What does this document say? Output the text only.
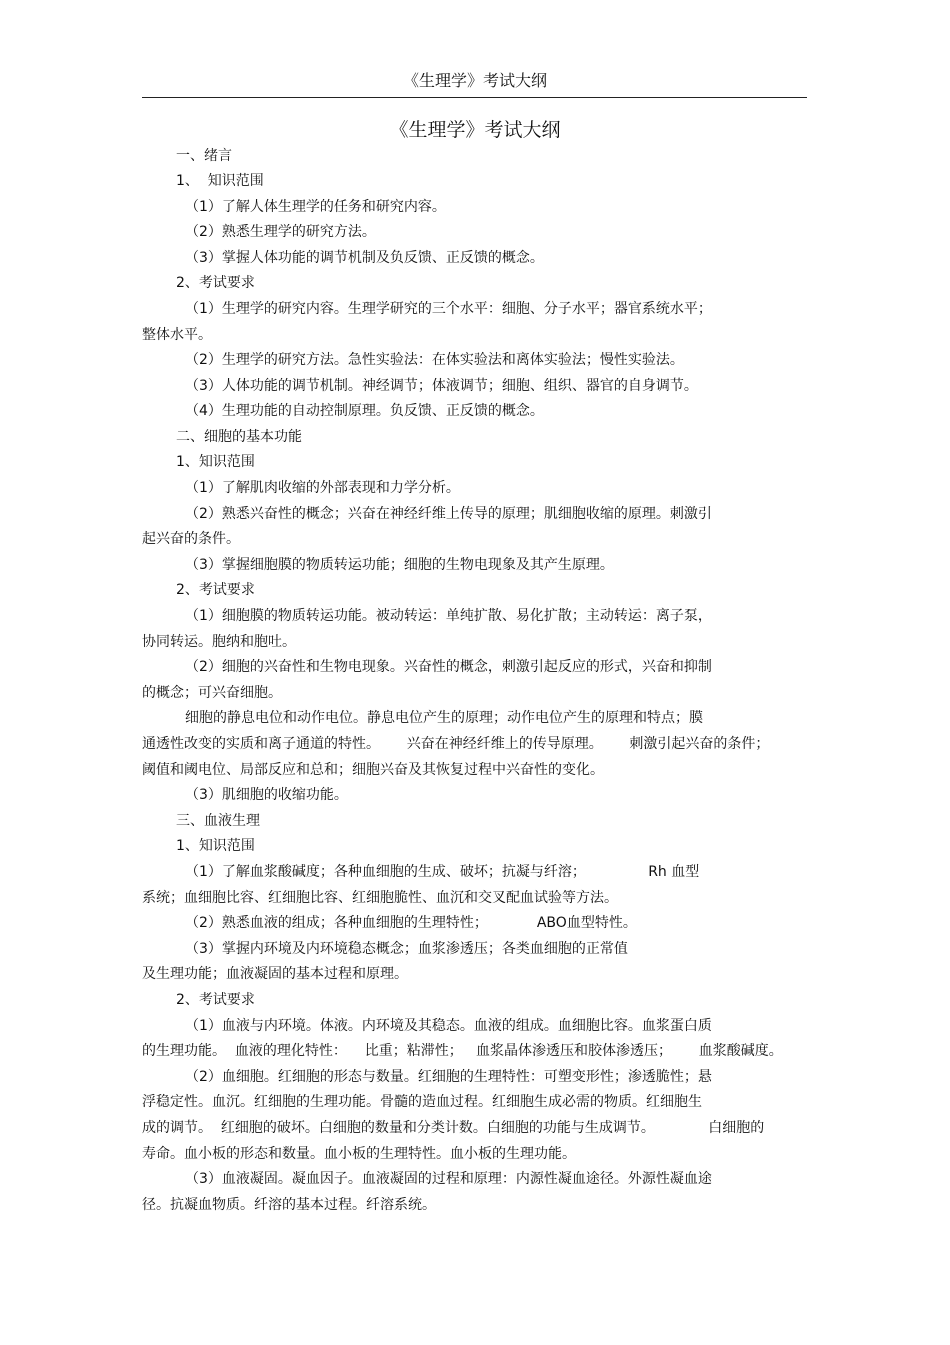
《生理学》考试大纲
《生理学》考试大纲
一、绪言
1、  知识范围
（1）了解人体生理学的任务和研究内容。
（2）熟悉生理学的研究方法。
（3）掌握人体功能的调节机制及负反馈、正反馈的概念。
2、考试要求
（1）生理学的研究内容。生理学研究的三个水平：细胞、分子水平；器官系统水平；
整体水平。
（2）生理学的研究方法。急性实验法：在体实验法和离体实验法；慢性实验法。
（3）人体功能的调节机制。神经调节；体液调节；细胞、组织、器官的自身调节。
（4）生理功能的自动控制原理。负反馈、正反馈的概念。
二、细胞的基本功能
1、知识范围
（1）了解肌肉收缩的外部表现和力学分析。
（2）熟悉兴奋性的概念；兴奋在神经纤维上传导的原理；肌细胞收缩的原理。刺激引
起兴奋的条件。
（3）掌握细胞膜的物质转运功能；细胞的生物电现象及其产生原理。
2、考试要求
（1）细胞膜的物质转运功能。被动转运：单纯扩散、易化扩散；主动转运：离子泵，
协同转运。胞纳和胞吐。
（2）细胞的兴奋性和生物电现象。兴奋性的概念，刺激引起反应的形式，兴奋和抑制
的概念；可兴奋细胞。
细胞的静息电位和动作电位。静息电位产生的原理；动作电位产生的原理和特点；膜
通透性改变的实质和离子通道的特性。      兴奋在神经纤维上的传导原理。      刺激引起兴奋的条件；
阈值和阈电位、局部反应和总和；细胞兴奋及其恢复过程中兴奋性的变化。
（3）肌细胞的收缩功能。
三、血液生理
1、知识范围
（1）了解血浆酸碱度；各种血细胞的生成、破坏；抗凝与纤溶；              Rh 血型
系统；血细胞比容、红细胞比容、红细胞脆性、血沉和交叉配血试验等方法。
（2）熟悉血液的组成；各种血细胞的生理特性；           ABO血型特性。
（3）掌握内环境及内环境稳态概念；血浆渗透压；各类血细胞的正常值
及生理功能；血液凝固的基本过程和原理。
2、考试要求
（1）血液与内环境。体液。内环境及其稳态。血液的组成。血细胞比容。血浆蛋白质
的生理功能。  血液的理化特性：    比重；粘滞性；   血浆晶体渗透压和胶体渗透压；      血浆酸碱度。
（2）血细胞。红细胞的形态与数量。红细胞的生理特性：可塑变形性；渗透脆性；悬
浮稳定性。血沉。红细胞的生理功能。骨髓的造血过程。红细胞生成必需的物质。红细胞生
成的调节。  红细胞的破坏。白细胞的数量和分类计数。白细胞的功能与生成调节。            白细胞的
寿命。血小板的形态和数量。血小板的生理特性。血小板的生理功能。
（3）血液凝固。凝血因子。血液凝固的过程和原理：内源性凝血途径。外源性凝血途
径。抗凝血物质。纤溶的基本过程。纤溶系统。
